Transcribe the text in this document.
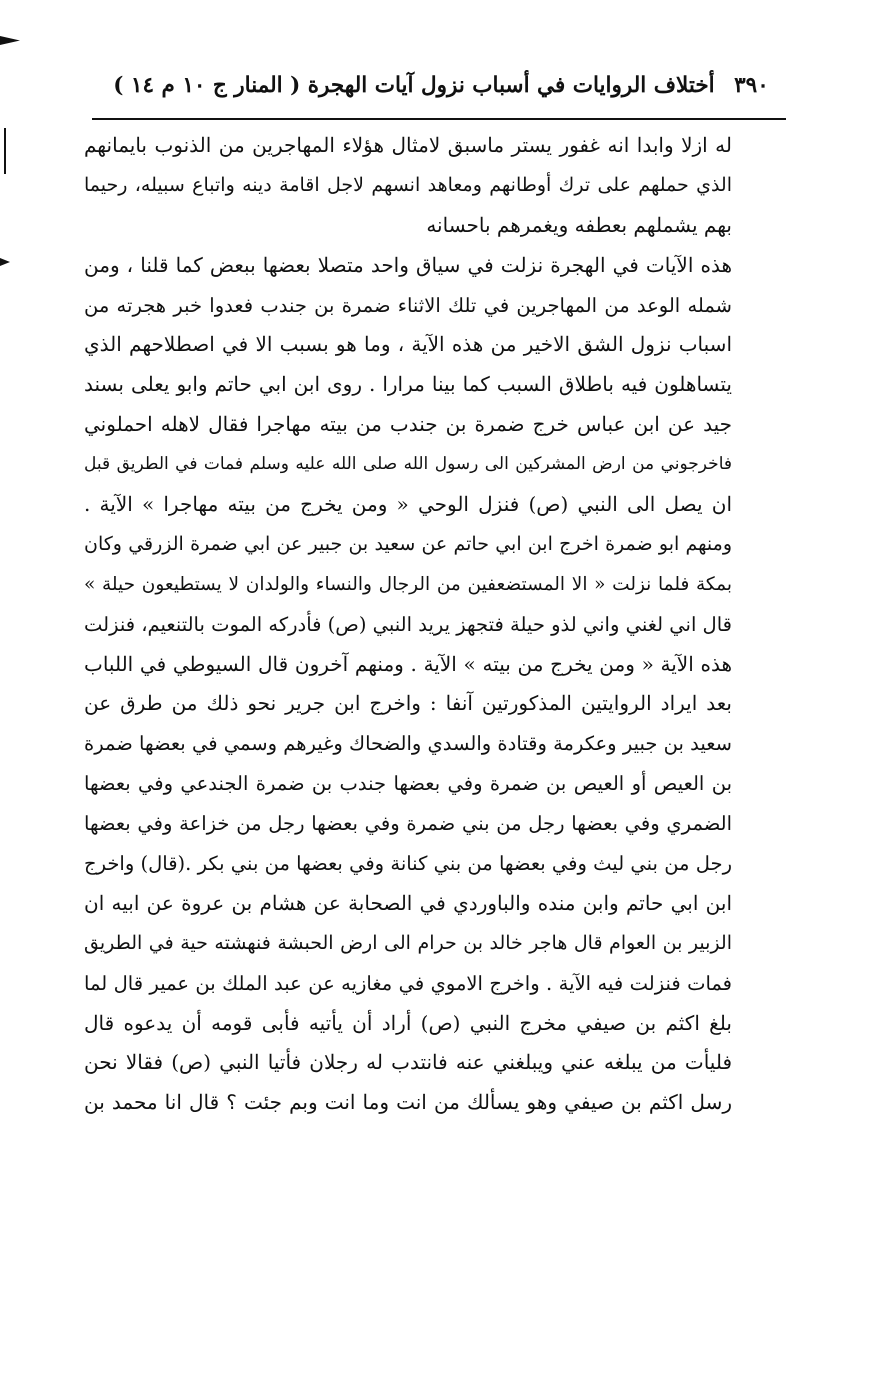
٣٩٠ أختلاف الروايات في أسباب نزول آيات الهجرة ( المنار ج ١٠ م ١٤ )
له ازلا وابدا انه غفور يستر ماسبق لامثال هؤلاء المهاجرين من الذنوب بايمانهم
الذي حملهم على ترك أوطانهم ومعاهد انسهم لاجل اقامة دينه واتباع سبيله، رحيما
بهم يشملهم بعطفه ويغمرهم باحسانه
هذه الآيات في الهجرة نزلت في سياق واحد متصلا بعضها ببعض كما قلنا ، ومن
شمله الوعد من المهاجرين في تلك الاثناء ضمرة بن جندب فعدوا خبر هجرته من
اسباب نزول الشق الاخير من هذه الآية ، وما هو بسبب الا في اصطلاحهم الذي
يتساهلون فيه باطلاق السبب كما بينا مرارا . روى ابن ابي حاتم وابو يعلى بسند
جيد عن ابن عباس خرج ضمرة بن جندب من بيته مهاجرا فقال لاهله احملوني
فاخرجوني من ارض المشركين الى رسول الله صلى الله عليه وسلم فمات في الطريق قبل
ان يصل الى النبي (ص) فنزل الوحي « ومن يخرج من بيته مهاجرا » الآية .
ومنهم ابو ضمرة اخرج ابن ابي حاتم عن سعيد بن جبير عن ابي ضمرة الزرقي وكان
بمكة فلما نزلت « الا المستضعفين من الرجال والنساء والولدان لا يستطيعون حيلة »
قال اني لغني واني لذو حيلة فتجهز يريد النبي (ص) فأدركه الموت بالتنعيم، فنزلت
هذه الآية « ومن يخرج من بيته » الآية . ومنهم آخرون قال السيوطي في اللباب
بعد ايراد الروايتين المذكورتين آنفا : واخرج ابن جرير نحو ذلك من طرق عن
سعيد بن جبير وعكرمة وقتادة والسدي والضحاك وغيرهم وسمي في بعضها ضمرة
بن العيص أو العيص بن ضمرة وفي بعضها جندب بن ضمرة الجندعي وفي بعضها
الضمري وفي بعضها رجل من بني ضمرة وفي بعضها رجل من خزاعة وفي بعضها
رجل من بني ليث وفي بعضها من بني كنانة وفي بعضها من بني بكر .(قال) واخرج
ابن ابي حاتم وابن منده والباوردي في الصحابة عن هشام بن عروة عن ابيه ان
الزبير بن العوام قال هاجر خالد بن حرام الى ارض الحبشة فنهشته حية في الطريق
فمات فنزلت فيه الآية . واخرج الاموي في مغازيه عن عبد الملك بن عمير قال لما
بلغ اكثم بن صيفي مخرج النبي (ص) أراد أن يأتيه فأبى قومه أن يدعوه قال
فليأت من يبلغه عني ويبلغني عنه فانتدب له رجلان فأتيا النبي (ص) فقالا نحن
رسل اكثم بن صيفي وهو يسألك من انت وما انت وبم جئت ؟ قال انا محمد بن
